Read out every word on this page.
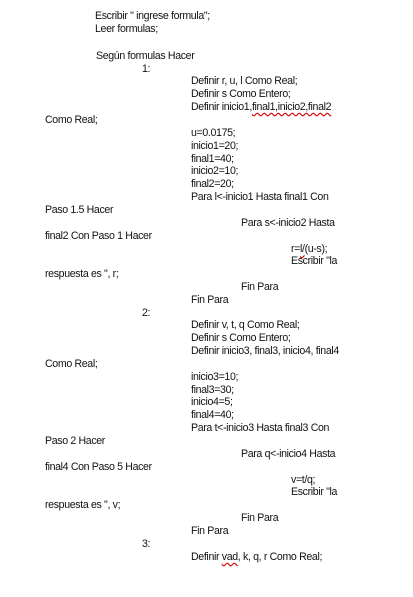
Escribir " ingrese formula";
Leer formulas;
Según formulas Hacer
1:
Definir r, u, l Como Real;
Definir s Como Entero;
Definir inicio1,final1,inicio2,final2
Como Real;
u=0.0175;
inicio1=20;
final1=40;
inicio2=10;
final2=20;
Para l<-inicio1 Hasta final1 Con
Paso 1.5 Hacer
Para s<-inicio2 Hasta
final2 Con Paso 1 Hacer
r=l/(u-s);
Escribir "la
respuesta es ", r;
Fin Para
Fin Para
2:
Definir v, t, q Como Real;
Definir s Como Entero;
Definir inicio3, final3, inicio4, final4
Como Real;
inicio3=10;
final3=30;
inicio4=5;
final4=40;
Para t<-inicio3 Hasta final3 Con
Paso 2 Hacer
Para q<-inicio4 Hasta
final4 Con Paso 5 Hacer
v=t/q;
Escribir "la
respuesta es ", v;
Fin Para
Fin Para
3:
Definir vad, k, q, r Como Real;
